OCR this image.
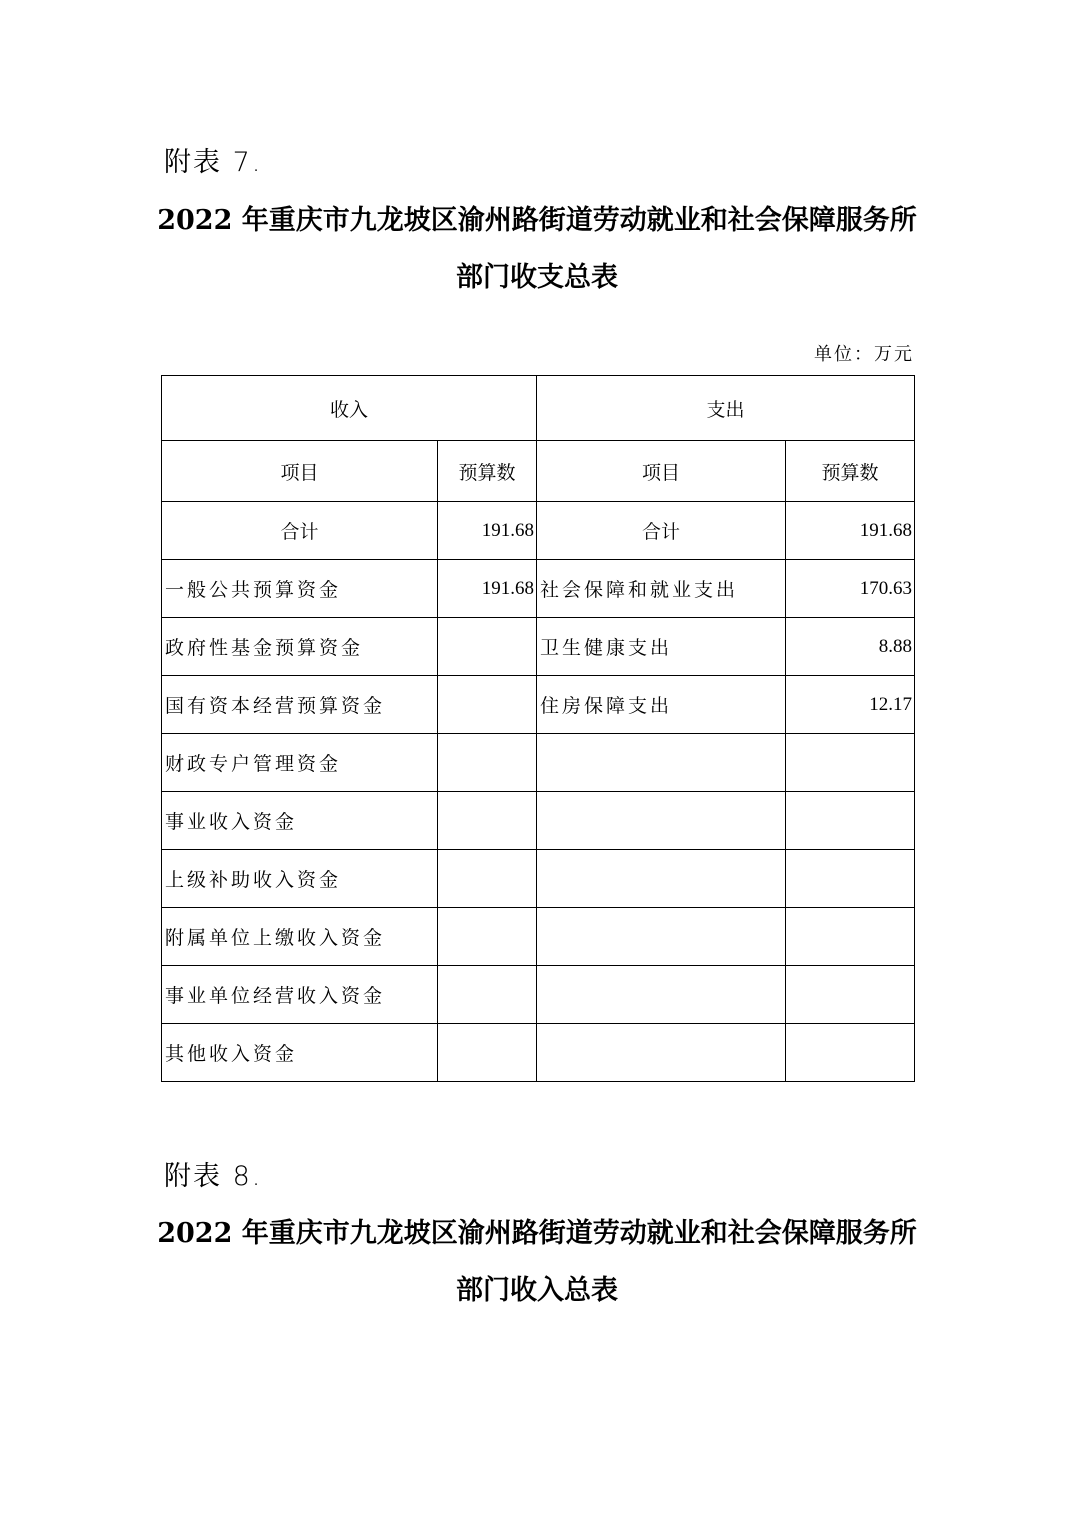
附表 7.
2022 年重庆市九龙坡区渝州路街道劳动就业和社会保障服务所
部门收支总表
单位：万元
收入		支出	
项目	预算数	项目	预算数
合计	191.68	合计	191.68
一般公共预算资金	191.68	社会保障和就业支出	170.63
政府性基金预算资金		卫生健康支出	8.88
国有资本经营预算资金		住房保障支出	12.17
财政专户管理资金			
事业收入资金			
上级补助收入资金			
附属单位上缴收入资金			
事业单位经营收入资金			
其他收入资金			
附表 8.
2022 年重庆市九龙坡区渝州路街道劳动就业和社会保障服务所
部门收入总表
